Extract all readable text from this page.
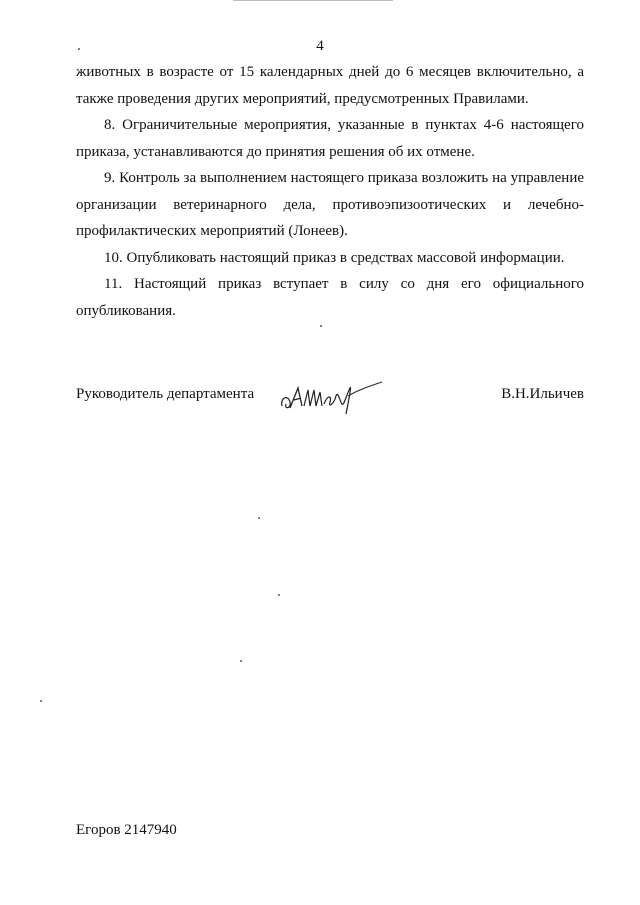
4

животных в возрасте от 15 календарных дней до 6 месяцев включительно, а также проведения других мероприятий, предусмотренных Правилами.

8. Ограничительные мероприятия, указанные в пунктах 4-6 настоящего приказа, устанавливаются до принятия решения об их отмене.

9. Контроль за выполнением настоящего приказа возложить на управление организации ветеринарного дела, противоэпизоотических и лечебно-профилактических мероприятий (Лонеев).

10. Опубликовать настоящий приказ в средствах массовой информации.

11. Настоящий приказ вступает в силу со дня его официального опубликования.

Руководитель департамента	В.Н.Ильичев
Егоров 2147940
